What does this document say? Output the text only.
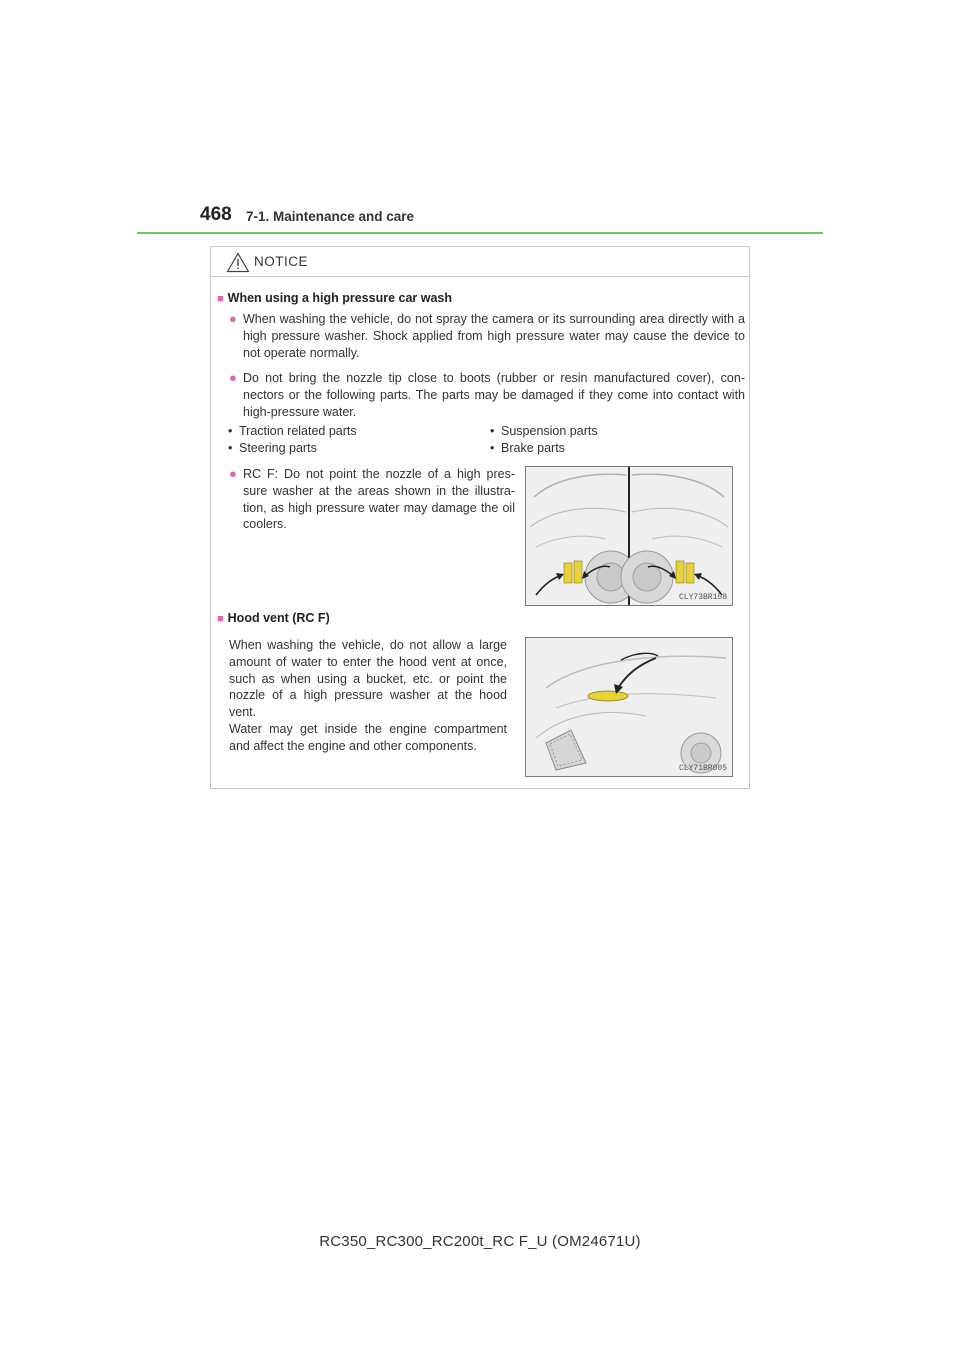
468 7-1. Maintenance and care
NOTICE
■ When using a high pressure car wash
● When washing the vehicle, do not spray the camera or its surrounding area directly with a high pressure washer. Shock applied from high pressure water may cause the device to not operate normally.
● Do not bring the nozzle tip close to boots (rubber or resin manufactured cover), con- nectors or the following parts. The parts may be damaged if they come into contact with high-pressure water.
• Traction related parts
• Steering parts
• Suspension parts
• Brake parts
● RC F: Do not point the nozzle of a high pres- sure washer at the areas shown in the illustra- tion, as high pressure water may damage the oil coolers.
CLY73BR158
■ Hood vent (RC F)
When washing the vehicle, do not allow a large amount of water to enter the hood vent at once, such as when using a bucket, etc. or point the nozzle of a high pressure washer at the hood vent.
Water may get inside the engine compartment and affect the engine and other components.
CLY71BR005
RC350_RC300_RC200t_RC F_U (OM24671U)
